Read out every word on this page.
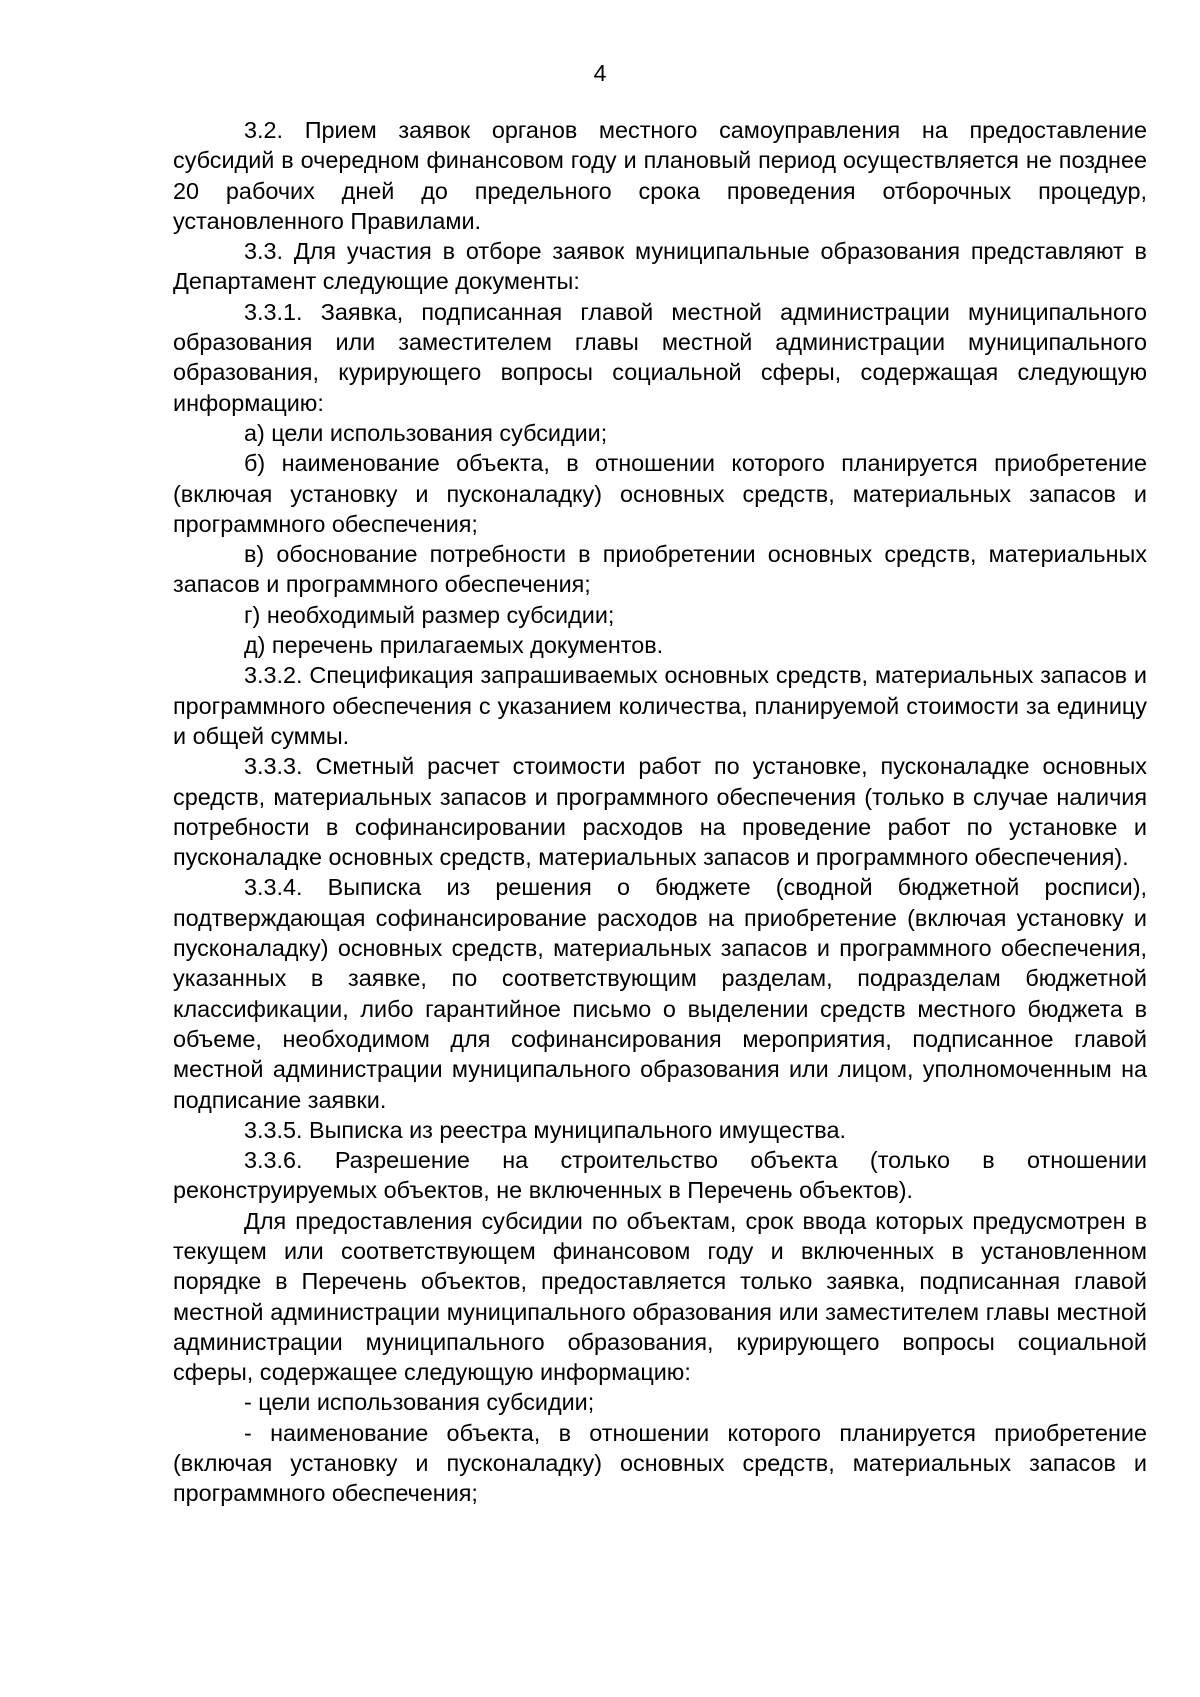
4

3.2. Прием заявок органов местного самоуправления на предоставление субсидий в очередном финансовом году и плановый период осуществляется не позднее 20 рабочих дней до предельного срока проведения отборочных процедур, установленного Правилами.

3.3. Для участия в отборе заявок муниципальные образования представляют в Департамент следующие документы:

3.3.1. Заявка, подписанная главой местной администрации муниципального образования или заместителем главы местной администрации муниципального образования, курирующего вопросы социальной сферы, содержащая следующую информацию:

а) цели использования субсидии;

б) наименование объекта, в отношении которого планируется приобретение (включая установку и пусконаладку) основных средств, материальных запасов и программного обеспечения;

в) обоснование потребности в приобретении основных средств, материальных запасов и программного обеспечения;

г) необходимый размер субсидии;

д) перечень прилагаемых документов.

3.3.2. Спецификация запрашиваемых основных средств, материальных запасов и программного обеспечения с указанием количества, планируемой стоимости за единицу и общей суммы.

3.3.3. Сметный расчет стоимости работ по установке, пусконаладке основных средств, материальных запасов и программного обеспечения (только в случае наличия потребности в софинансировании расходов на проведение работ по установке и пусконаладке основных средств, материальных запасов и программного обеспечения).

3.3.4. Выписка из решения о бюджете (сводной бюджетной росписи), подтверждающая софинансирование расходов на приобретение (включая установку и пусконаладку) основных средств, материальных запасов и программного обеспечения, указанных в заявке, по соответствующим разделам, подразделам бюджетной классификации, либо гарантийное письмо о выделении средств местного бюджета в объеме, необходимом для софинансирования мероприятия, подписанное главой местной администрации муниципального образования или лицом, уполномоченным на подписание заявки.

3.3.5. Выписка из реестра муниципального имущества.

3.3.6. Разрешение на строительство объекта (только в отношении реконструируемых объектов, не включенных в Перечень объектов).

Для предоставления субсидии по объектам, срок ввода которых предусмотрен в текущем или соответствующем финансовом году и включенных в установленном порядке в Перечень объектов, предоставляется только заявка, подписанная главой местной администрации муниципального образования или заместителем главы местной администрации муниципального образования, курирующего вопросы социальной сферы, содержащее следующую информацию:

- цели использования субсидии;

- наименование объекта, в отношении которого планируется приобретение (включая установку и пусконаладку) основных средств, материальных запасов и программного обеспечения;
